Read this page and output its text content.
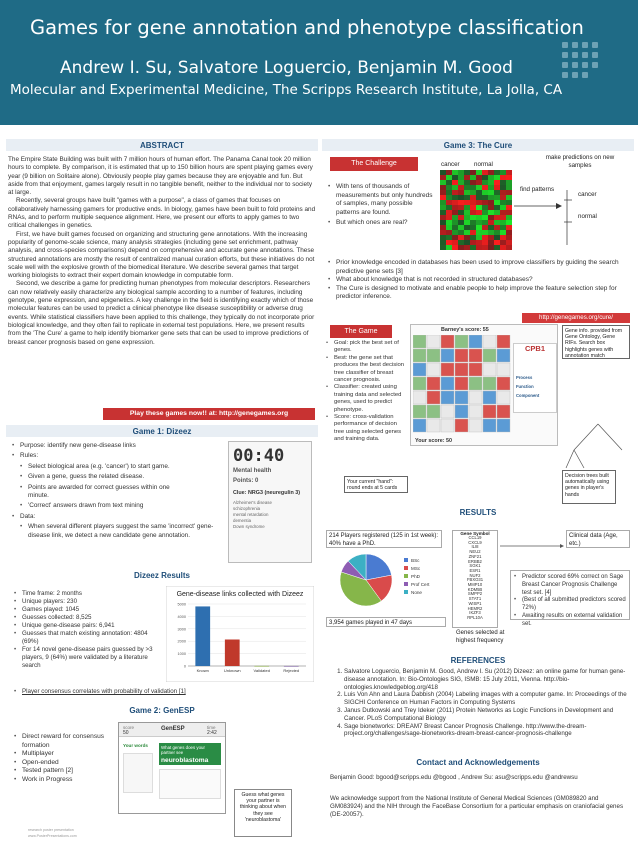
Games for gene annotation and phenotype classification
Andrew I. Su, Salvatore Loguercio, Benjamin M. Good
Molecular and Experimental Medicine, The Scripps Research Institute, La Jolla, CA
ABSTRACT

The Empire State Building was built with 7 million hours of human effort. The Panama Canal took 20 million hours to complete. By comparison, it is estimated that up to 150 billion hours are spent playing games every year (9 billion on Solitaire alone). Obviously people play games because they are enjoyable and fun. But aside from that enjoyment, games largely result in no tangible benefit, neither to the individual nor to society at large.

Recently, several groups have built "games with a purpose", a class of games that focuses on collaboratively harnessing gamers for productive ends. In biology, games have been built to fold proteins and RNAs, and to perform multiple sequence alignment. Here, we present our efforts to apply games to two critical challenges in genetics.

First, we have built games focused on organizing and structuring gene annotations. With the increasing popularity of genome-scale science, many analysis strategies (including gene set enrichment, pathway analysis, and cross-species comparisons) depend on comprehensive and accurate gene annotations. These structured annotations are mostly the result of centralized manual curation efforts, but these initiatives do not scale well with the explosive growth of the biomedical literature. We describe several games that target working biologists to extract their expert domain knowledge in computable form.

Second, we describe a game for predicting human phenotypes from molecular descriptors. Researchers can now relatively easily characterize any biological sample according to a number of features, including genotype, gene expression, and epigenetics. A key challenge in the field is identifying exactly which of those molecular features can be used to predict a clinical phenotype like disease susceptibility or adverse drug events. While statistical classifiers have been applied to this challenge, they typically do not incorporate prior biological knowledge, and they often fail to replicate in external test populations. Here, we present results from the 'The Cure' a game to help identify biomarker gene sets that can be used to improve predictions of breast cancer prognosis based on gene expression.

Play these games now!! at: http://genegames.org
Game 1: Dizeez
• Purpose: identify new gene-disease links
• Rules:
• Select biological area (e.g. 'cancer') to start game.
• Given a gene, guess the related disease.
• Points are awarded for correct guesses within one minute.
• 'Correct' answers drawn from text mining
• Data:
• When several different players suggest the same 'incorrect' gene-disease link, we detect a new candidate gene annotation.
00:40
Mental health
Points: 0
Clue: NRG3 (neuregulin 3)
Alzheimer's disease
schizophrenia
mental retardation
dementia
Down syndrome
Dizeez Results
• Time frame: 2 months
• Unique players: 230
• Games played: 1045
• Guesses collected: 8,525
• Unique gene-disease pairs: 6,941
• Guesses that match existing annotation: 4804 (69%)
• For 14 novel gene-disease pairs guessed by >3 players, 9 (64%) were validated by a literature search
• Player consensus correlates with probability of validation [1]
Gene-disease links collected with Dizeez
0
1000
2000
3000
4000
5000
Known	Unknown	Validated	Rejected
Game 2: GenESP
• Direct reward for consensus formation
• Multiplayer
• Open-ended
• Tested pattern [2]
• Work in Progress
score
50
GenESP	time
2:42
Your words	What genes does your partner see
neuroblastoma
Guess what genes your partner is thinking about when they see 'neuroblastoma'
research poster presentation
www.PosterPresentations.com
Game 3: The Cure
The Challenge	cancer normal
make predictions on new samples
find patterns
cancer
normal
• With tens of thousands of measurements but only hundreds of samples, many possible patterns are found.
• But which ones are real?
• Prior knowledge encoded in databases has been used to improve classifiers by guiding the search predictive gene sets [3]
• What about knowledge that is not recorded in structured databases?
• The Cure is designed to motivate and enable people to help improve the feature selection step for predictor inference.
http://genegames.org/cure/
The Game
• Goal: pick the best set of genes.
• Best: the gene set that produces the best decision tree classifier of breast cancer prognosis.
• Classifier: created using training data and selected genes, used to predict phenotype.
• Score: cross-validation performance of decision tree using selected genes and training data.
Barney's score: 55
CPB1
Process
Function
Component
Your score: 50
Gene info. provided from Gene Ontology, Gene RIFs. Search box highlights genes with annotation match
Your current "hand": round ends at 5 cards
Decision trees built automatically using genes in player's hands
RESULTS
214 Players registered (125 in 1st week): 40% have a PhD.
BSc
MSc
PhD
Prof Cert
None
3,954 games played in 47 days
Gene Symbol
CCL19
CXCL9
ILI8
NEU2
ZNF21
ERBB2
SGK1
ESR1
NUF2
FBXO31
MMP10
KDM5B
SMPP2
STAT1
WISP1
HEMR2
IKZF3
RPL10A
Genes selected at highest frequency
Clinical data (Age, etc.)
• Predictor scored 69% correct on Sage Breast Cancer Prognosis Challenge test set. [4]
• (Best of all submitted predictors scored 72%)
• Awaiting results on external validation set.
REFERENCES
1. Salvatore Loguercio, Benjamin M. Good, Andrew I. Su (2012) Dizeez: an online game for human gene-disease annotation. In: Bio-Ontologies SIG, ISMB: 15 July 2011, Vienna. http://bio-ontologies.knowledgeblog.org/418
2. Luis Von Ahn and Laura Dabbish (2004) Labeling images with a computer game. In: Proceedings of the SIGCHI Conference on Human Factors in Computing Systems
3. Janus Dutkowski and Trey Ideker (2011) Protein Networks as Logic Functions in Development and Cancer. PLoS Computational Biology
4. Sage bionetworks: DREAM7 Breast Cancer Prognosis Challenge. http://www.the-dream-project.org/challenges/sage-bionetworks-dream-breast-cancer-prognosis-challenge
Contact and Acknowledgements
Benjamin Good: bgood@scripps.edu @bgood , Andrew Su: asu@scripps.edu @andrewsu
We acknowledge support from the National Institute of General Medical Sciences (GM089820 and GM083924) and the NIH through the FaceBase Consortium for a particular emphasis on craniofacial genes (DE-20057).
